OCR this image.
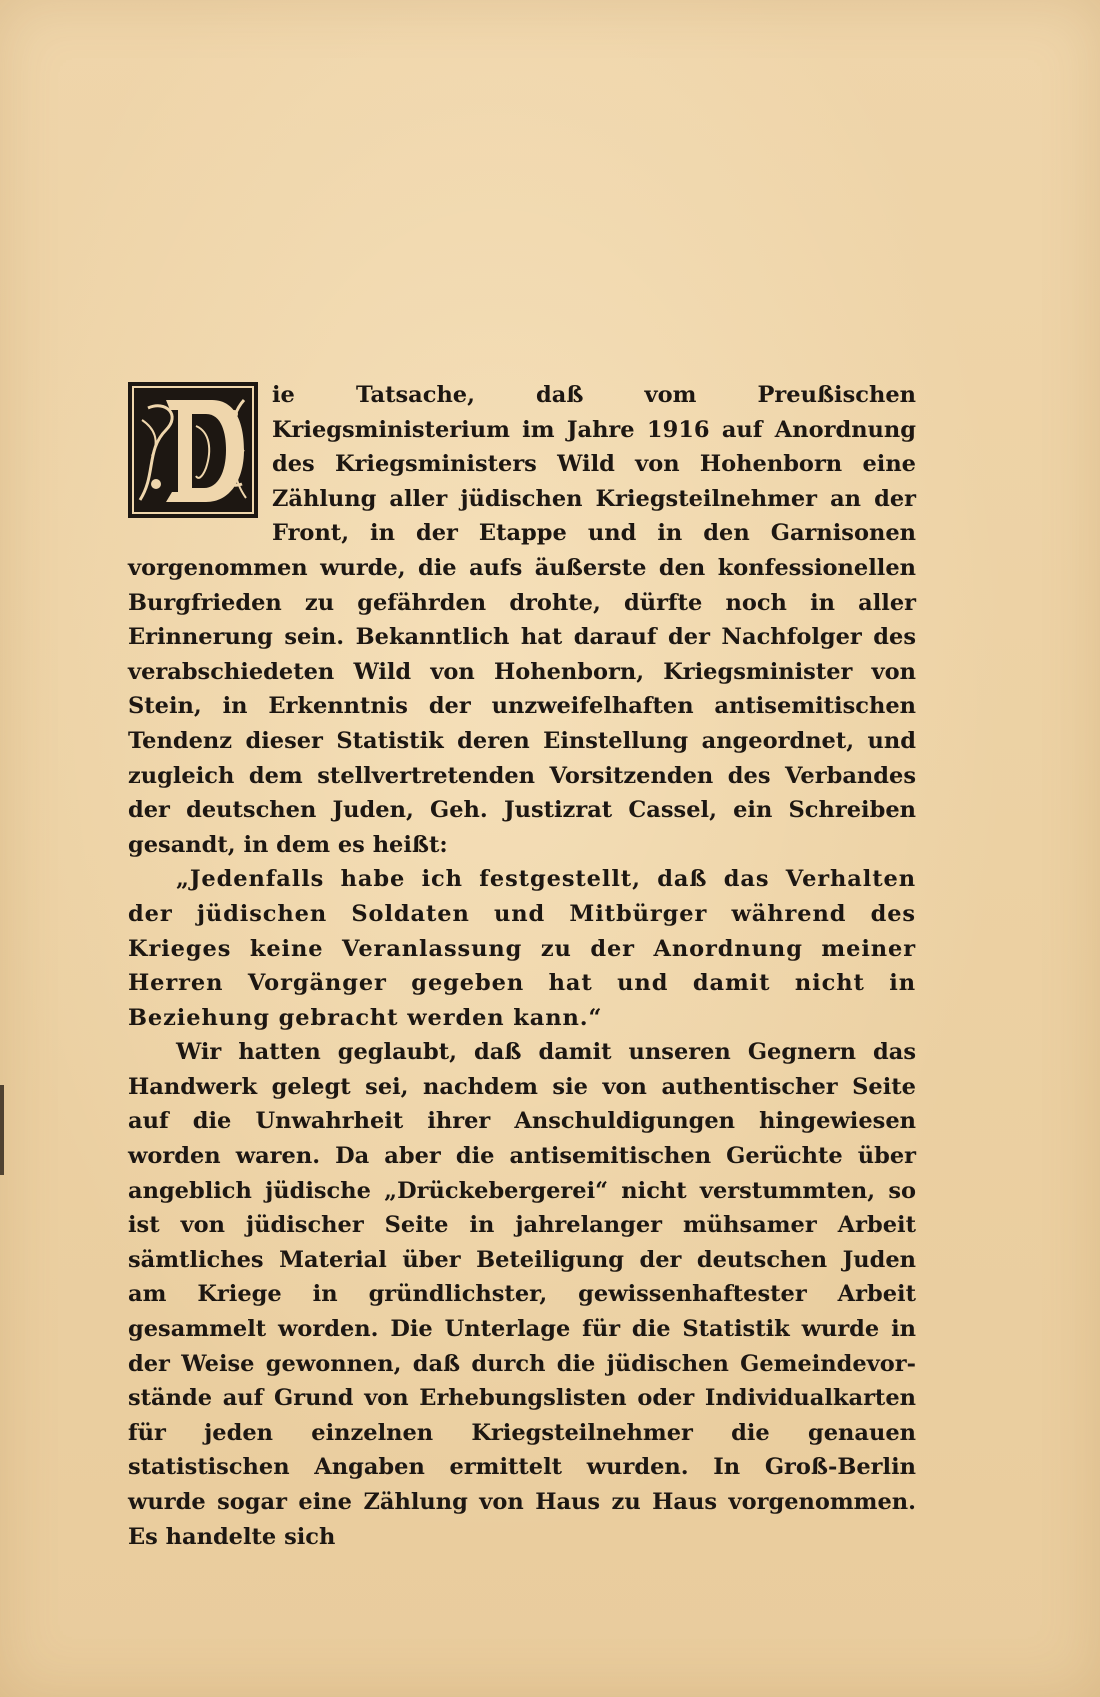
ie Tatsache, daß vom Preußischen Kriegsministerium im Jahre 1916 auf Anordnung des Kriegsministers Wild von Hohenborn eine Zählung aller jüdischen Kriegsteilnehmer an der Front, in der Etappe und in den Garnisonen vorgenommen wurde, die aufs äußerste den konfessionellen Burgfrieden zu gefährden drohte, dürfte noch in aller Erinnerung sein. Bekanntlich hat darauf der Nachfolger des verabschiedeten Wild von Hohenborn, Kriegsminister von Stein, in Erkenntnis der unzweifelhaften antisemitischen Tendenz dieser Statistik deren Einstellung angeordnet, und zugleich dem stellvertretenden Vorsitzenden des Verbandes der deutschen Juden, Geh. Justizrat Cassel, ein Schreiben gesandt, in dem es heißt:

„Jedenfalls habe ich festgestellt, daß das Verhalten der jüdischen Soldaten und Mitbürger während des Krieges keine Veranlassung zu der Anordnung meiner Herren Vorgänger gegeben hat und damit nicht in Beziehung gebracht werden kann.“

Wir hatten geglaubt, daß damit unseren Gegnern das Handwerk gelegt sei, nachdem sie von authentischer Seite auf die Unwahrheit ihrer Anschuldigungen hingewiesen worden waren. Da aber die antisemitischen Gerüchte über angeblich jüdische „Drückebergerei“ nicht verstummten, so ist von jüdischer Seite in jahrelanger mühsamer Arbeit sämtliches Material über Beteiligung der deutschen Juden am Kriege in gründlichster, gewissenhaftester Arbeit gesammelt worden. Die Unterlage für die Statistik wurde in der Weise gewonnen, daß durch die jüdischen Gemeindevorstände auf Grund von Erhebungslisten oder Individualkarten für jeden einzelnen Kriegsteilnehmer die genauen statistischen Angaben ermittelt wurden. In Groß-Berlin wurde sogar eine Zählung von Haus zu Haus vorgenommen. Es handelte sich
